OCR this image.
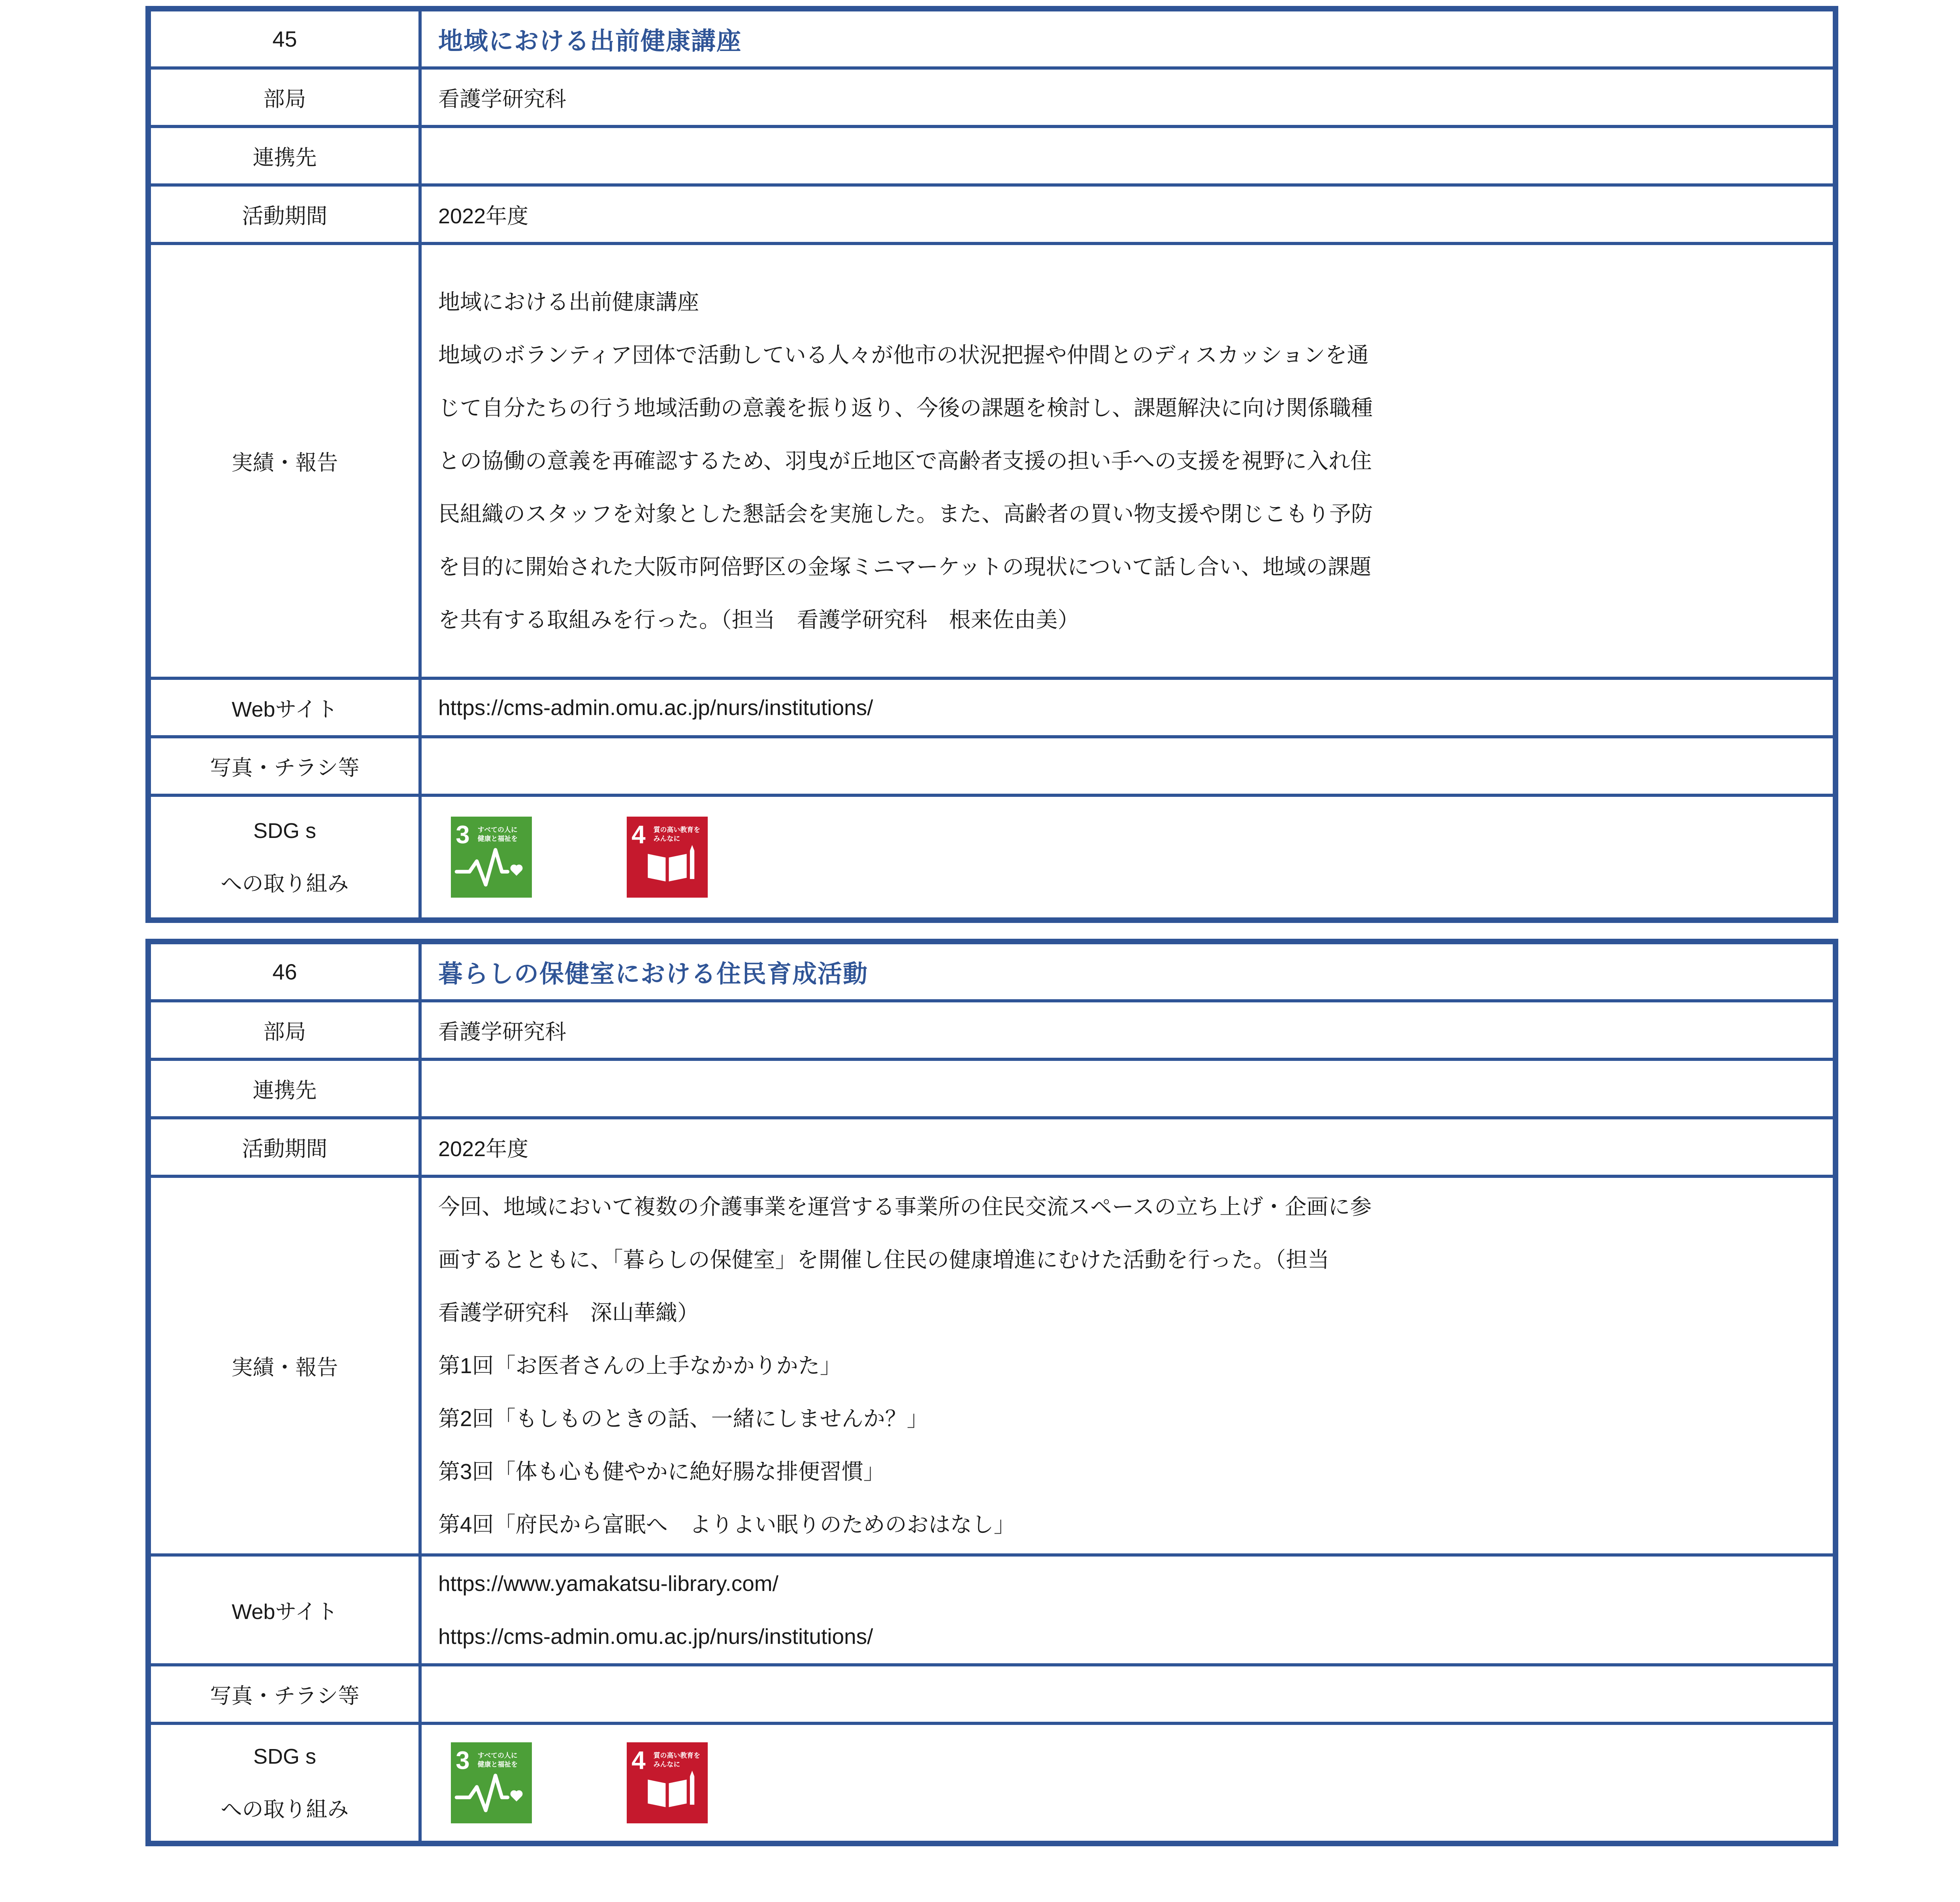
45	地域における出前健康講座
部局	看護学研究科
連携先	
活動期間	2022年度
実績・報告	
地域における出前健康講座
地域のボランティア団体で活動している人々が他市の状況把握や仲間とのディスカッションを通
じて自分たちの行う地域活動の意義を振り返り、今後の課題を検討し、課題解決に向け関係職種
との協働の意義を再確認するため、羽曳が丘地区で高齢者支援の担い手への支援を視野に入れ住
民組織のスタッフを対象とした懇話会を実施した。また、高齢者の買い物支援や閉じこもり予防
を目的に開始された大阪市阿倍野区の金塚ミニマーケットの現状について話し合い、地域の課題
を共有する取組みを行った。（担当　看護学研究科　根来佐由美）

Webサイト	https://cms-admin.omu.ac.jp/nurs/institutions/

写真・チラシ等	

SDG s
への取り組み

3 すべての人に
健康と福祉を	4 質の高い教育を
みんなに
46	暮らしの保健室における住民育成活動
部局	看護学研究科
連携先	
活動期間	2022年度
実績・報告	
今回、地域において複数の介護事業を運営する事業所の住民交流スペースの立ち上げ・企画に参
画するとともに、「暮らしの保健室」を開催し住民の健康増進にむけた活動を行った。（担当
看護学研究科　深山華織）
第1回「お医者さんの上手なかかりかた」
第2回「もしものときの話、一緒にしませんか？」
第3回「体も心も健やかに絶好腸な排便習慣」
第4回「府民から富眠へ　よりよい眠りのためのおはなし」

Webサイト	https://www.yamakatsu-library.com/
https://cms-admin.omu.ac.jp/nurs/institutions/

写真・チラシ等	

SDG s
への取り組み

3 すべての人に
健康と福祉を	4 質の高い教育を
みんなに
